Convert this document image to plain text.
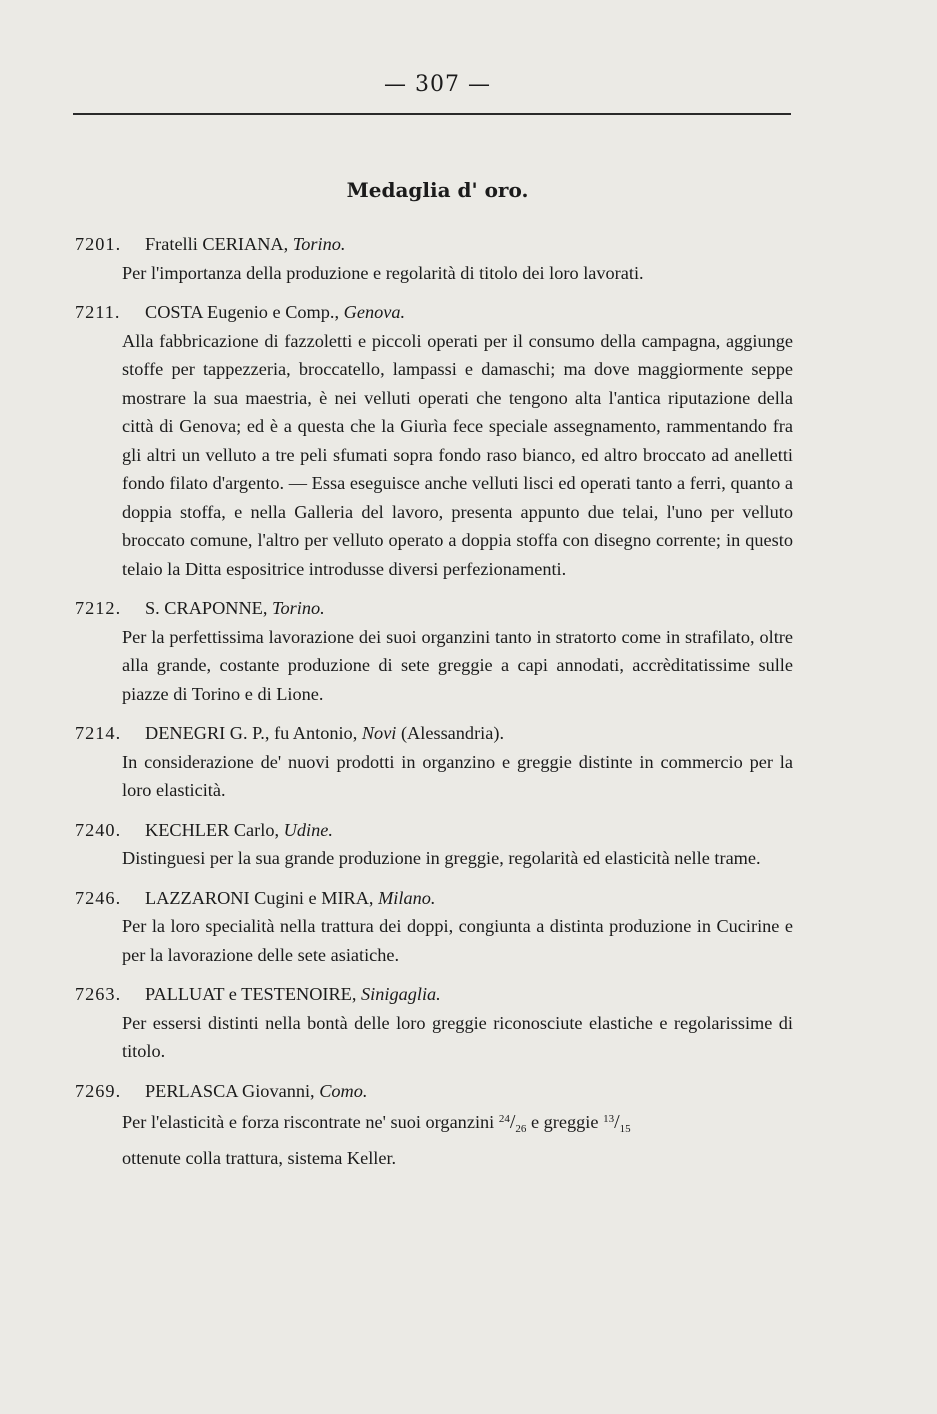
— 307 —
Medaglia d' oro.
7201.	Fratelli CERIANA,
Torino.
Per l'importanza della produzione e regolarità di titolo dei loro lavorati.
7211.	COSTA Eugenio e Comp.,
Genova.
Alla fabbricazione di fazzoletti e piccoli operati per il consumo della campagna, aggiunge stoffe per tappezzeria, broccatello, lampassi e damaschi; ma dove maggiormente seppe mostrare la sua maestria, è nei velluti operati che tengono alta l'antica riputazione della città di Genova; ed è a questa che la Giurìa fece speciale assegnamento, rammentando fra gli altri un velluto a tre peli sfumati sopra fondo raso bianco, ed altro broccato ad anelletti fondo filato d'argento. — Essa eseguisce anche velluti lisci ed operati tanto a ferri, quanto a doppia stoffa, e nella Galleria del lavoro, presenta appunto due telai, l'uno per velluto broccato comune, l'altro per velluto operato a doppia stoffa con disegno corrente; in questo telaio la Ditta espositrice introdusse diversi perfezionamenti.
7212.	S. CRAPONNE,
Torino.
Per la perfettissima lavorazione dei suoi organzini tanto in stratorto come in strafilato, oltre alla grande, costante produzione di sete greggie a capi annodati, accrèditatissime sulle piazze di Torino e di Lione.
7214.	DENEGRI G. P., fu Antonio,
Novi
(Alessandria).
In considerazione de' nuovi prodotti in organzino e greggie distinte in commercio per la loro elasticità.
7240.	KECHLER Carlo,
Udine.
Distinguesi per la sua grande produzione in greggie, regolarità ed elasticità nelle trame.
7246.	LAZZARONI Cugini e MIRA,
Milano.
Per la loro specialità nella trattura dei doppi, congiunta a distinta produzione in Cucirine e per la lavorazione delle sete asiatiche.
7263.	PALLUAT e TESTENOIRE,
Sinigaglia.
Per essersi distinti nella bontà delle loro greggie riconosciute elastiche e regolarissime di titolo.
7269.	PERLASCA Giovanni,
Como.
Per l'elasticità e forza riscontrate ne' suoi organzini $^{24}/_{26}$ e greggie $^{13}/_{15}$
ottenute colla trattura, sistema Keller.
